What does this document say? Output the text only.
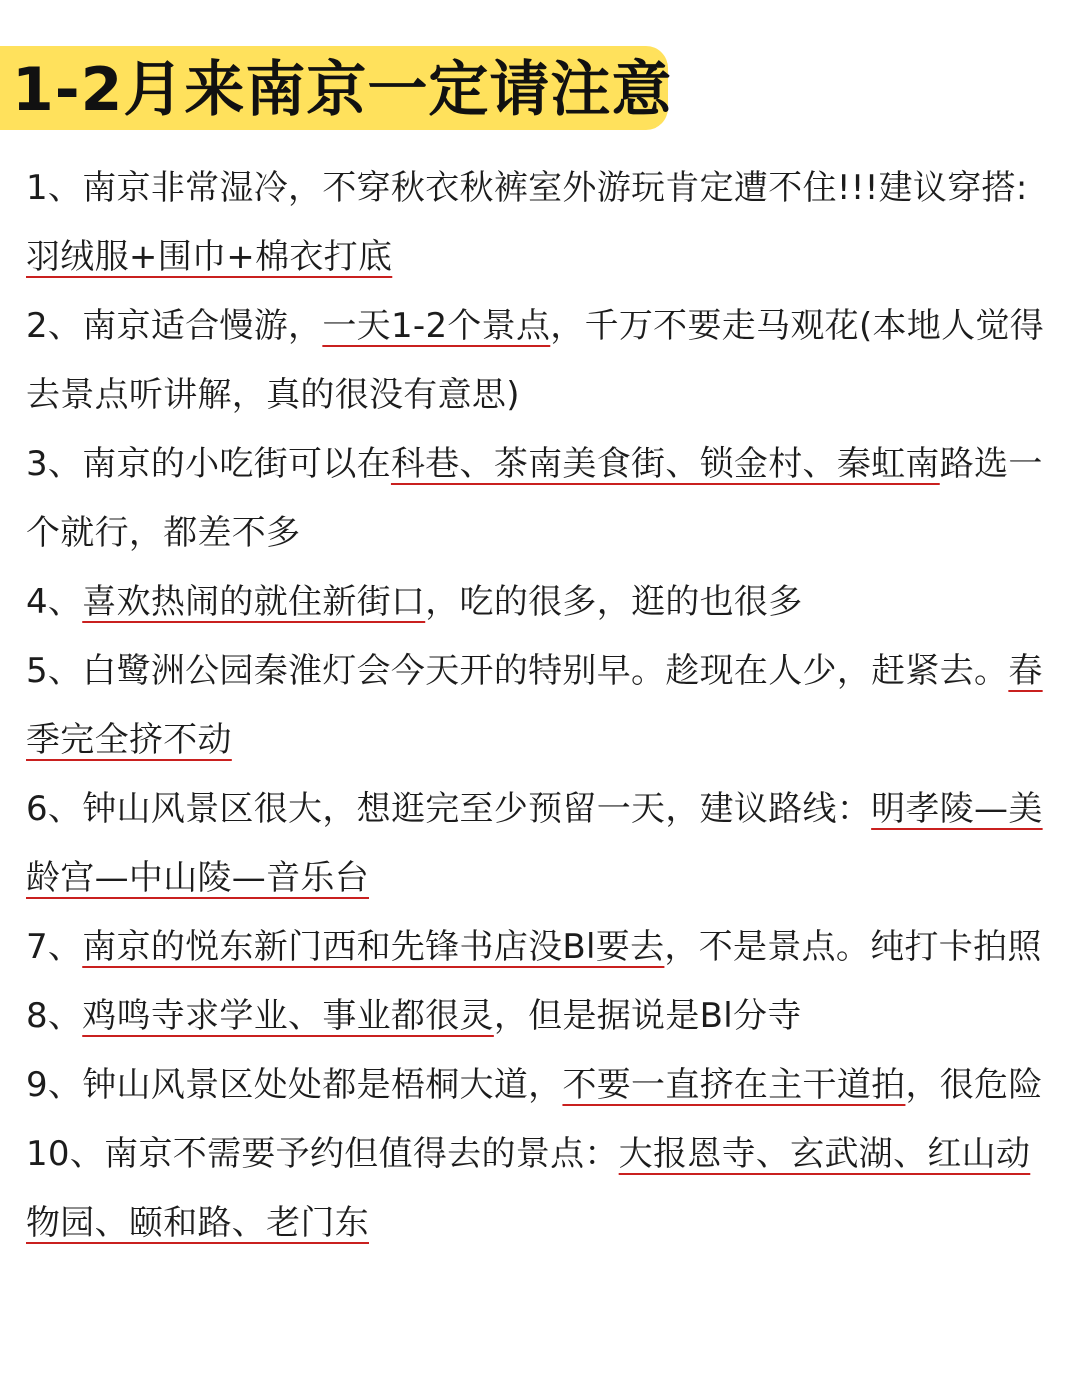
1-2月来南京一定请注意
1、南京非常湿冷，不穿秋衣秋裤室外游玩肯定遭不住!!!建议穿搭:羽绒服+围巾+棉衣打底
2、南京适合慢游，一天1-2个景点，千万不要走马观花(本地人觉得去景点听讲解，真的很没有意思)
3、南京的小吃街可以在科巷、茶南美食街、锁金村、秦虹南路选一个就行，都差不多
4、喜欢热闹的就住新街口，吃的很多，逛的也很多
5、白鹭洲公园秦淮灯会今天开的特别早。趁现在人少，赶紧去。春季完全挤不动
6、钟山风景区很大，想逛完至少预留一天，建议路线：明孝陵—美龄宫—中山陵—音乐台
7、南京的悦东新门西和先锋书店没Bl要去，不是景点。纯打卡拍照
8、鸡鸣寺求学业、事业都很灵，但是据说是Bl分寺
9、钟山风景区处处都是梧桐大道，不要一直挤在主干道拍，很危险
10、南京不需要予约但值得去的景点：大报恩寺、玄武湖、红山动物园、颐和路、老门东
